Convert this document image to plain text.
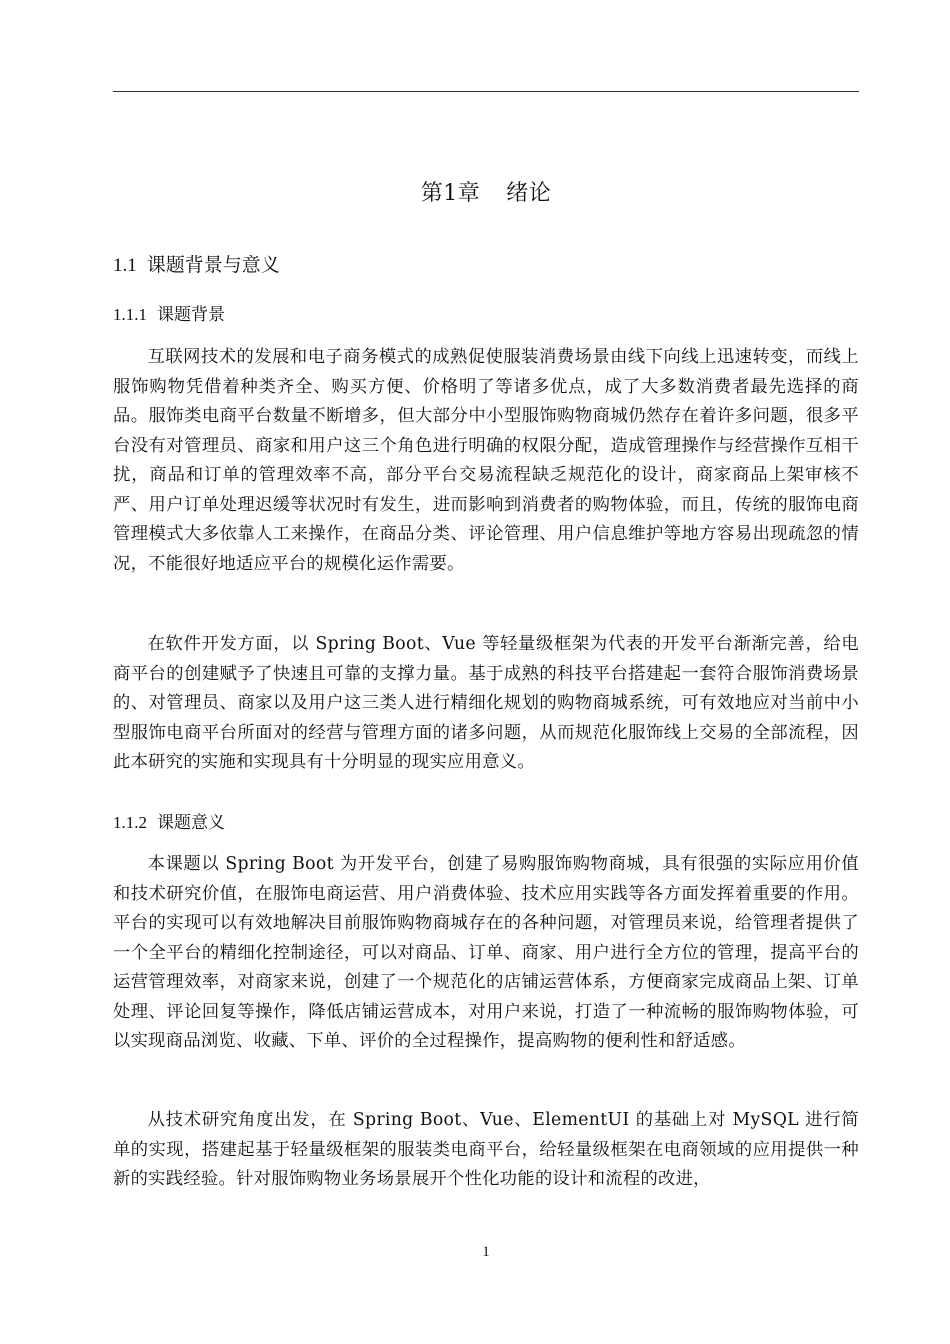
第1章 绪论
1.1 课题背景与意义
1.1.1 课题背景

互联网技术的发展和电子商务模式的成熟促使服装消费场景由线下向线上迅速转变，而线上服饰购物凭借着种类齐全、购买方便、价格明了等诸多优点，成了大多数消费者最先选择的商品。服饰类电商平台数量不断增多，但大部分中小型服饰购物商城仍然存在着许多问题，很多平台没有对管理员、商家和用户这三个角色进行明确的权限分配，造成管理操作与经营操作互相干扰，商品和订单的管理效率不高，部分平台交易流程缺乏规范化的设计，商家商品上架审核不严、用户订单处理迟缓等状况时有发生，进而影响到消费者的购物体验，而且，传统的服饰电商管理模式大多依靠人工来操作，在商品分类、评论管理、用户信息维护等地方容易出现疏忽的情况，不能很好地适应平台的规模化运作需要。

在软件开发方面，以 Spring Boot、Vue 等轻量级框架为代表的开发平台渐渐完善，给电商平台的创建赋予了快速且可靠的支撑力量。基于成熟的科技平台搭建起一套符合服饰消费场景的、对管理员、商家以及用户这三类人进行精细化规划的购物商城系统，可有效地应对当前中小型服饰电商平台所面对的经营与管理方面的诸多问题，从而规范化服饰线上交易的全部流程，因此本研究的实施和实现具有十分明显的现实应用意义。

1.1.2 课题意义

本课题以 Spring Boot 为开发平台，创建了易购服饰购物商城，具有很强的实际应用价值和技术研究价值，在服饰电商运营、用户消费体验、技术应用实践等各方面发挥着重要的作用。平台的实现可以有效地解决目前服饰购物商城存在的各种问题，对管理员来说，给管理者提供了一个全平台的精细化控制途径，可以对商品、订单、商家、用户进行全方位的管理，提高平台的运营管理效率，对商家来说，创建了一个规范化的店铺运营体系，方便商家完成商品上架、订单处理、评论回复等操作，降低店铺运营成本，对用户来说，打造了一种流畅的服饰购物体验，可以实现商品浏览、收藏、下单、评价的全过程操作，提高购物的便利性和舒适感。

从技术研究角度出发，在 Spring Boot、Vue、ElementUI 的基础上对 MySQL 进行简单的实现，搭建起基于轻量级框架的服装类电商平台，给轻量级框架在电商领域的应用提供一种新的实践经验。针对服饰购物业务场景展开个性化功能的设计和流程的改进，

1
